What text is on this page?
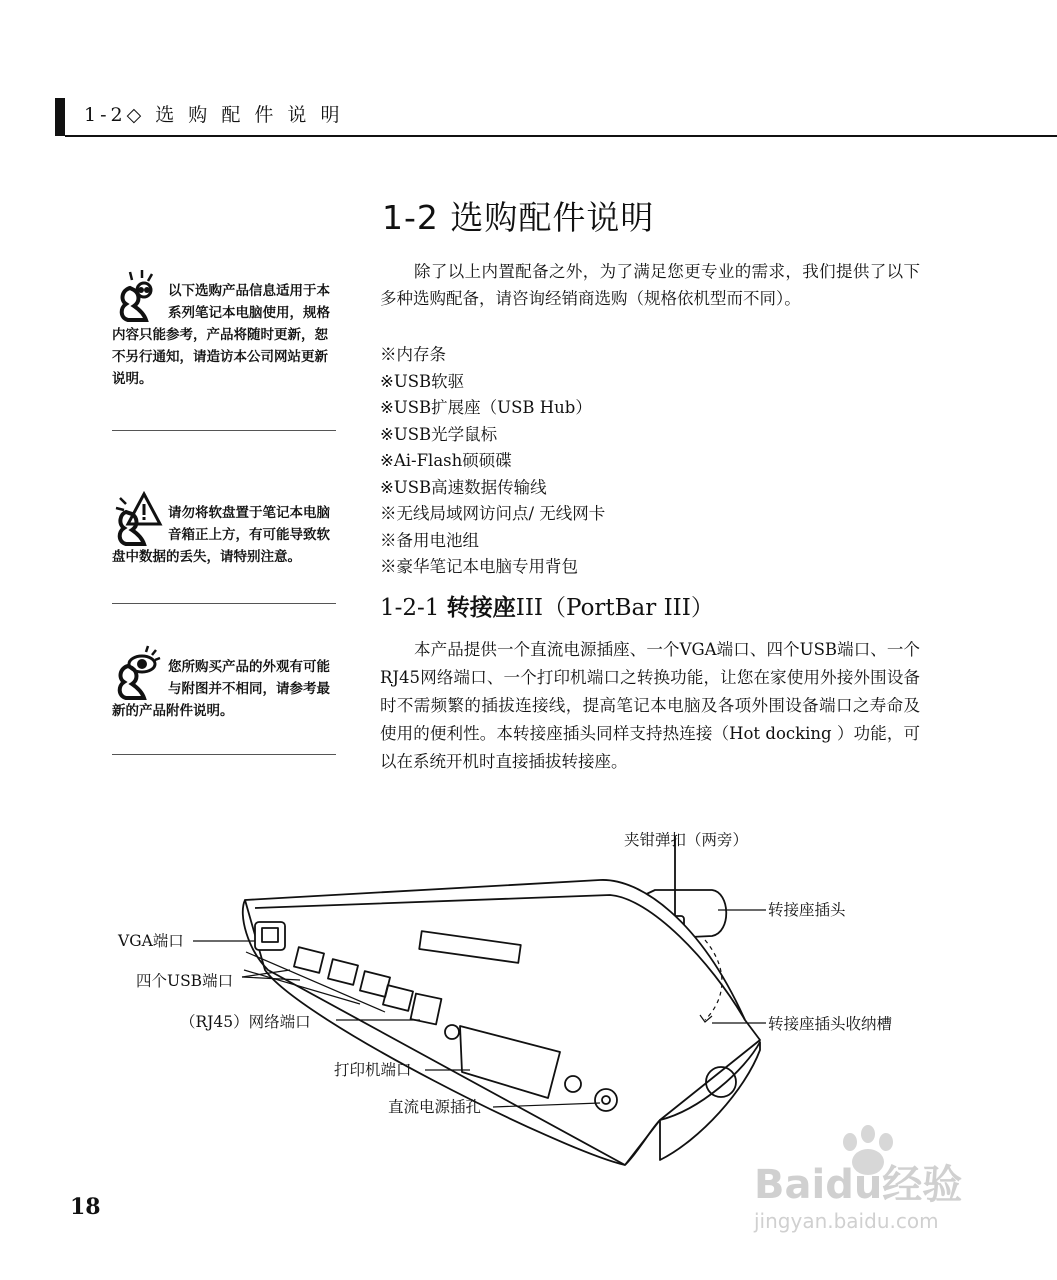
1-2◇ 选 购 配 件 说 明
1-2 选购配件说明
除了以上内置配备之外，为了满足您更专业的需求，我们提供了以下多种选购配备，请咨询经销商选购（规格依机型而不同）。
※内存条
※USB软驱
※USB扩展座（USB Hub）
※USB光学鼠标
※Ai-Flash硕硕碟
※USB高速数据传输线
※无线局域网访问点/ 无线网卡
※备用电池组
※豪华笔记本电脑专用背包
1-2-1 转接座III（PortBar III）
本产品提供一个直流电源插座、一个VGA端口、四个USB端口、一个RJ45网络端口、一个打印机端口之转换功能，让您在家使用外接外围设备时不需频繁的插拔连接线，提高笔记本电脑及各项外围设备端口之寿命及使用的便利性。本转接座插头同样支持热连接（Hot docking ）功能，可以在系统开机时直接插拔转接座。
以下选购产品信息适用于本系列笔记本电脑使用，规格内容只能参考，产品将随时更新，恕不另行通知，请造访本公司网站更新说明。
请勿将软盘置于笔记本电脑音箱正上方，有可能导致软盘中数据的丢失，请特别注意。
您所购买产品的外观有可能与附图并不相同，请参考最新的产品附件说明。
夹钳弹扣（两旁）
转接座插头
VGA端口
四个USB端口
（RJ45）网络端口	转接座插头收纳槽
打印机端口
直流电源插孔
18	Baidu经验
jingyan.baidu.com
